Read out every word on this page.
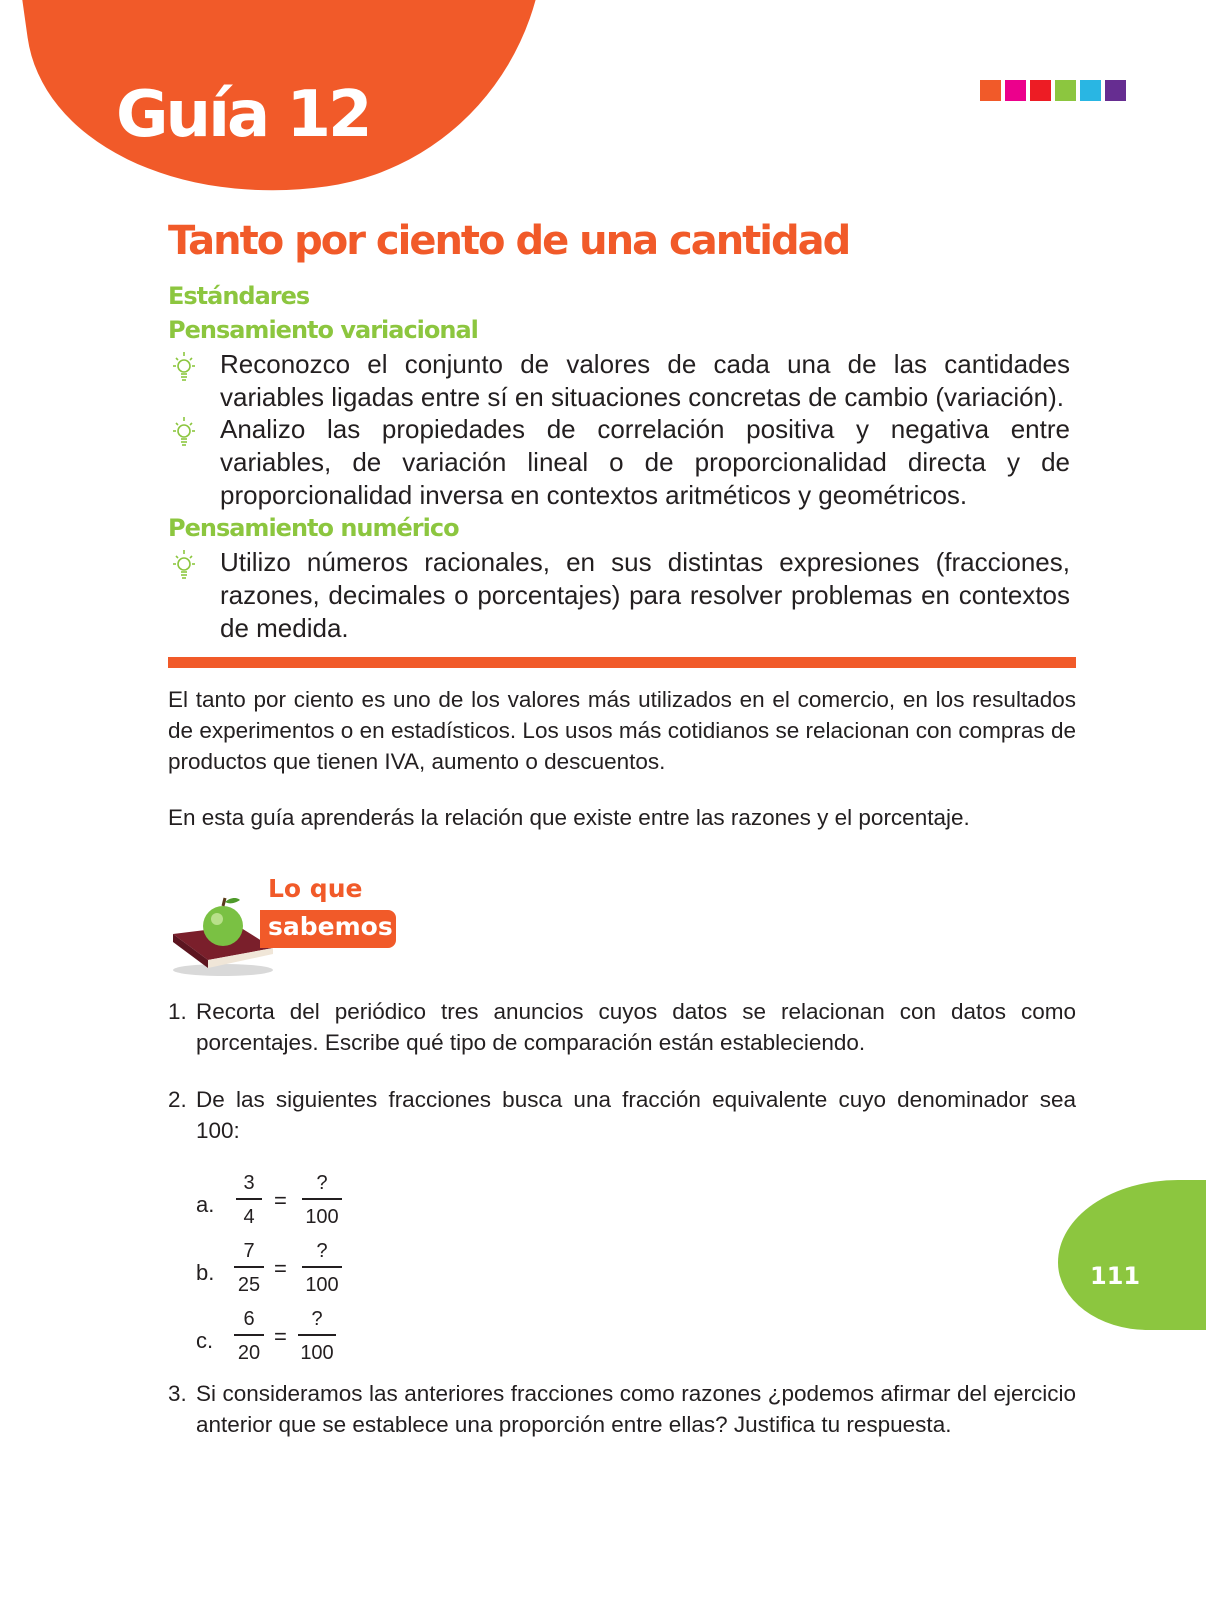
Guía 12
Tanto por ciento de una cantidad
Estándares
Pensamiento variacional

Reconozco el conjunto de valores de cada una de las cantidades variables ligadas entre sí en situaciones concretas de cambio (variación).

Analizo las propiedades de correlación positiva y negativa entre variables, de variación lineal o de proporcionalidad directa y de proporcionalidad inversa en contextos aritméticos y geométricos.

Pensamiento numérico

Utilizo números racionales, en sus distintas expresiones (fracciones, razones, decimales o porcentajes) para resolver problemas en contextos de medida.

El tanto por ciento es uno de los valores más utilizados en el comercio, en los resultados de experimentos o en estadísticos. Los usos más cotidianos se relacionan con compras de productos que tienen IVA, aumento o descuentos.

En esta guía aprenderás la relación que existe entre las razones y el porcentaje.

Lo que
sabemos
1. Recorta del periódico tres anuncios cuyos datos se relacionan con datos como porcentajes. Escribe qué tipo de comparación están estableciendo.
2. De las siguientes fracciones busca una fracción equivalente cuyo denominador sea 100:
a.
3
4
=
?
100
b.
7
25
=
?
100
c.
6
20
=
?
100
3. Si consideramos las anteriores fracciones como razones ¿podemos afirmar del ejercicio anterior que se establece una proporción entre ellas? Justifica tu respuesta.
111
